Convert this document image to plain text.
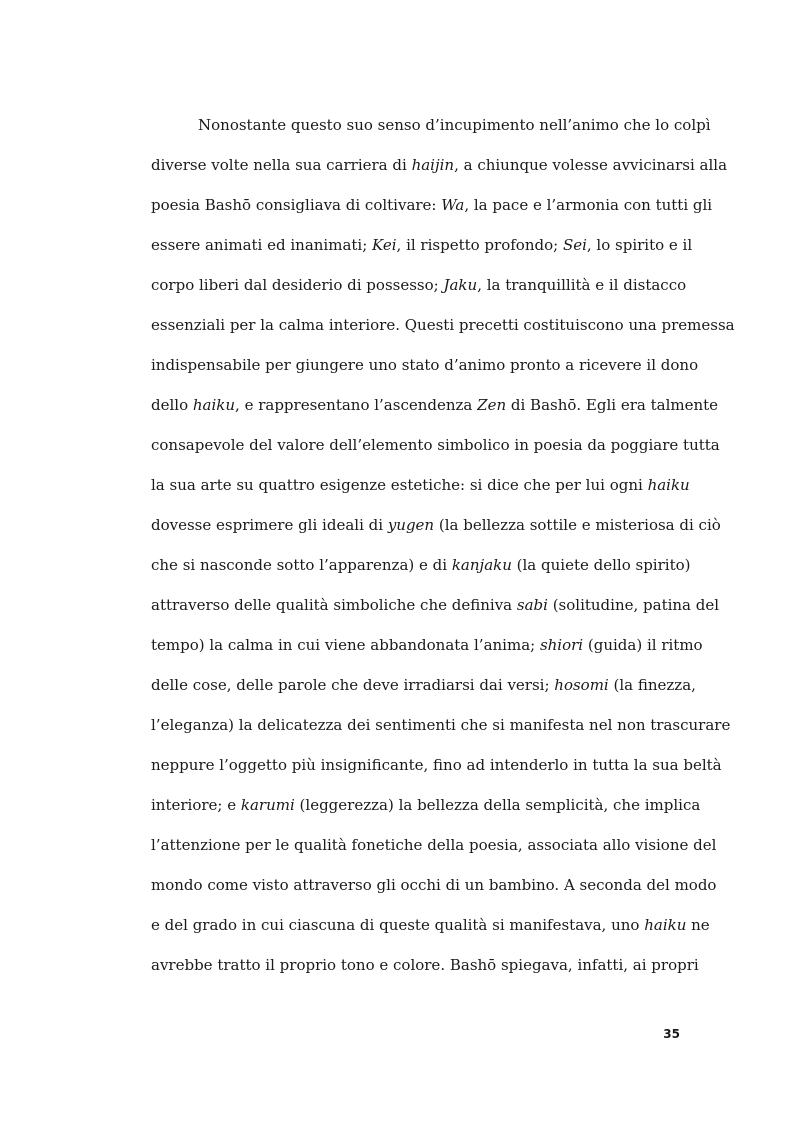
Nonostante questo suo senso d’incupimento nell’animo che lo colpì
diverse volte nella sua carriera di haijin, a chiunque volesse avvicinarsi alla
poesia Bashō consigliava di coltivare: Wa, la pace e l’armonia con tutti gli
essere animati ed inanimati; Kei, il rispetto profondo; Sei, lo spirito e il
corpo liberi dal desiderio di possesso; Jaku, la tranquillità e il distacco
essenziali per la calma interiore. Questi precetti costituiscono una premessa
indispensabile per giungere uno stato d’animo pronto a ricevere il dono
dello haiku, e rappresentano l’ascendenza Zen di Bashō. Egli era talmente
consapevole del valore dell’elemento simbolico in poesia da poggiare tutta
la sua arte su quattro esigenze estetiche: si dice che per lui ogni haiku
dovesse esprimere gli ideali di yugen (la bellezza sottile e misteriosa di ciò
che si nasconde sotto l’apparenza) e di kanjaku (la quiete dello spirito)
attraverso delle qualità simboliche che definiva sabi (solitudine, patina del
tempo) la calma in cui viene abbandonata l’anima; shiori (guida) il ritmo
delle cose, delle parole che deve irradiarsi dai versi; hosomi (la finezza,
l’eleganza) la delicatezza dei sentimenti che si manifesta nel non trascurare
neppure l’oggetto più insignificante, fino ad intenderlo in tutta la sua beltà
interiore; e karumi (leggerezza) la bellezza della semplicità, che implica
l’attenzione per le qualità fonetiche della poesia, associata allo visione del
mondo come visto attraverso gli occhi di un bambino. A seconda del modo
e del grado in cui ciascuna di queste qualità si manifestava, uno haiku ne
avrebbe tratto il proprio tono e colore. Bashō spiegava, infatti, ai propri
35
